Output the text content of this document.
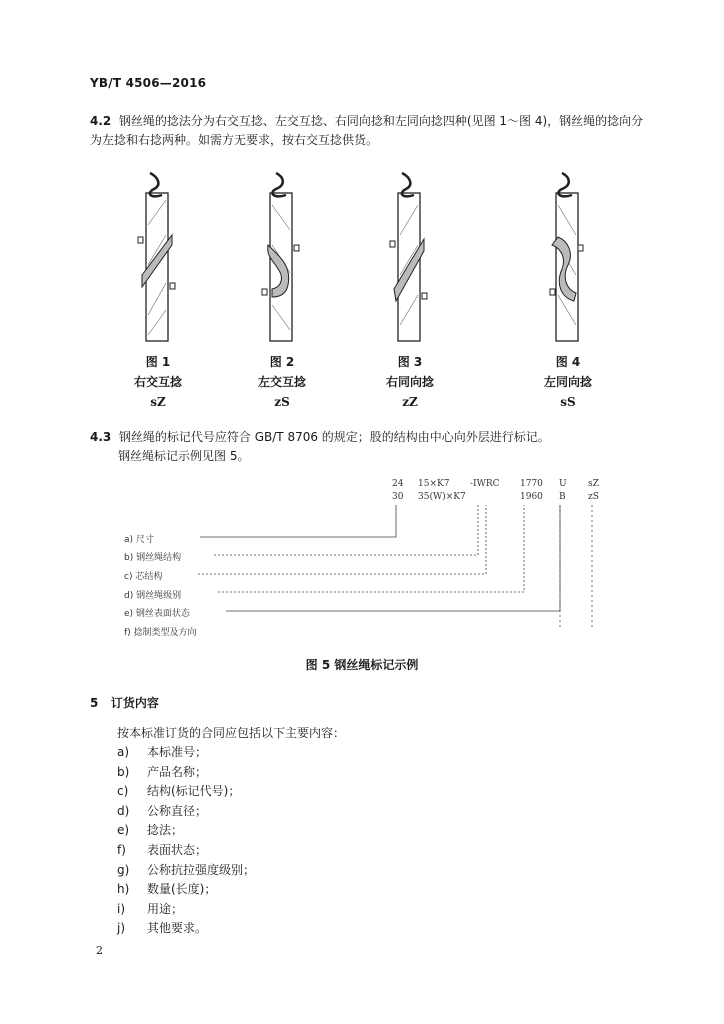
YB/T 4506—2016
4.2 钢丝绳的捻法分为右交互捻、左交互捻、右同向捻和左同向捻四种(见图 1～图 4)，钢丝绳的捻向分
为左捻和右捻两种。如需方无要求，按右交互捻供货。
图 1
右交互捻
sZ
图 2
左交互捻
zS
图 3
右同向捻
zZ
图 4
左同向捻
sS
4.3 钢丝绳的标记代号应符合 GB/T 8706 的规定；股的结构由中心向外层进行标记。
钢丝绳标记示例见图 5。
24 15×K7 -IWRC 1770 U sZ
30 35(W)×K7	1960 B zS
a) 尺寸
b) 钢丝绳结构
c) 芯结构
d) 钢丝绳级别
e) 钢丝表面状态
f) 捻制类型及方向
图 5 钢丝绳标记示例
5 订货内容
按本标准订货的合同应包括以下主要内容：
a)	本标准号；
b)	产品名称；
c)	结构(标记代号)；
d)	公称直径；
e)	捻法；
f)	表面状态；
g)	公称抗拉强度级别；
h)	数量(长度)；
i)	用途；
j)	其他要求。
2
